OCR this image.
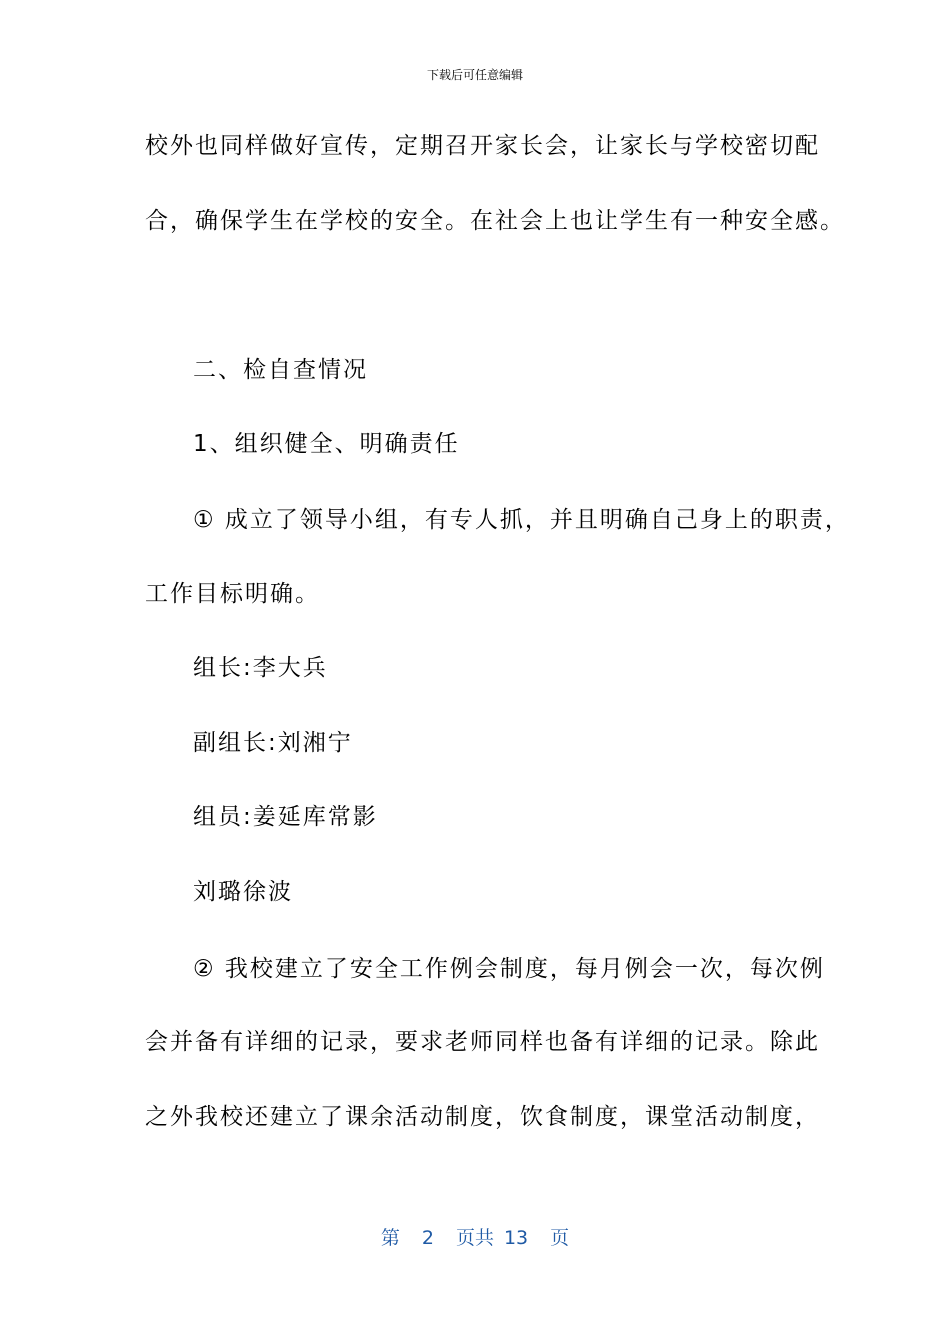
下载后可任意编辑

校外也同样做好宣传，定期召开家长会，让家长与学校密切配

合，确保学生在学校的安全。在社会上也让学生有一种安全感。

二、检自查情况

1、组织健全、明确责任

① 成立了领导小组，有专人抓，并且明确自己身上的职责，

工作目标明确。

组长:李大兵

副组长:刘湘宁

组员:姜延库常影

刘璐徐波

② 我校建立了安全工作例会制度，每月例会一次，每次例

会并备有详细的记录，要求老师同样也备有详细的记录。除此

之外我校还建立了课余活动制度，饮食制度，课堂活动制度，

第 2 页共 13 页
